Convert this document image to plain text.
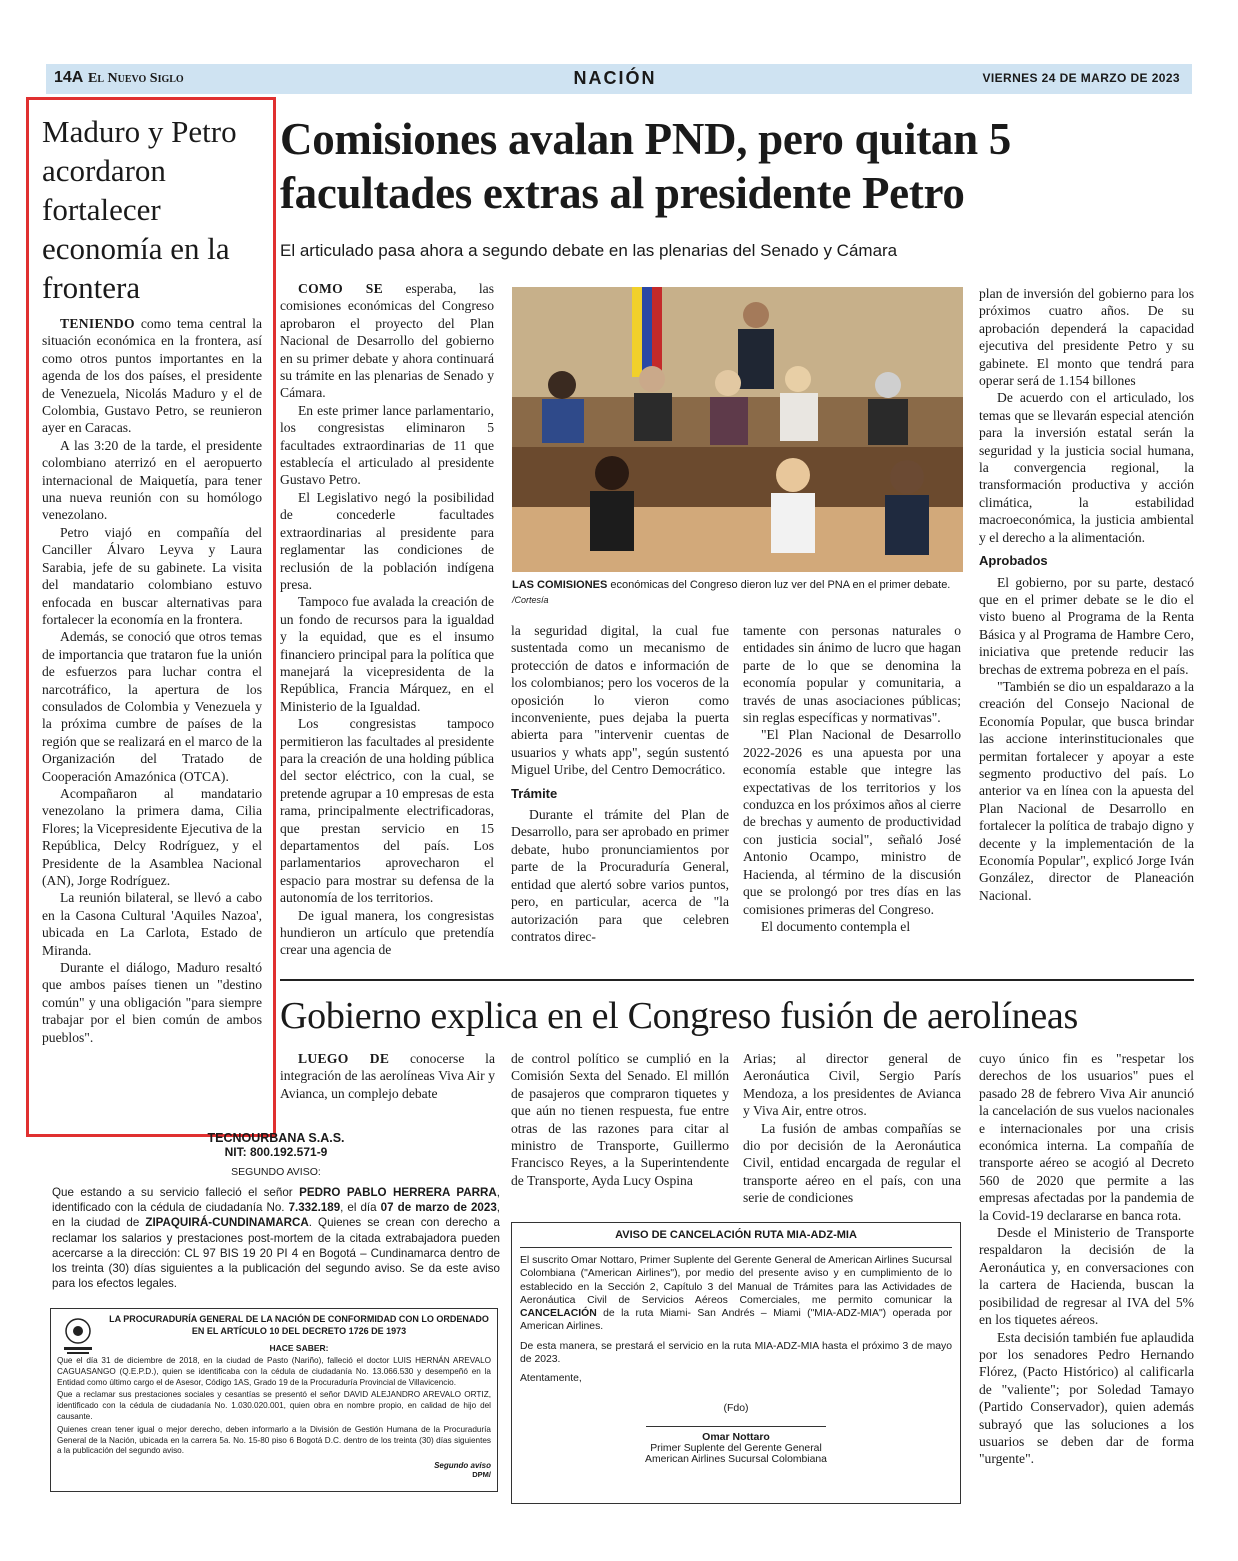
14A El Nuevo Siglo	NACIÓN	VIERNES 24 DE MARZO DE 2023
Maduro y Petro acordaron fortalecer economía en la frontera

TENIENDO como tema central la situación económica en la frontera, así como otros puntos importantes en la agenda de los dos países, el presidente de Venezuela, Nicolás Maduro y el de Colombia, Gustavo Petro, se reunieron ayer en Caracas.

A las 3:20 de la tarde, el presidente colombiano aterrizó en el aeropuerto internacional de Maiquetía, para tener una nueva reunión con su homólogo venezolano.

Petro viajó en compañía del Canciller Álvaro Leyva y Laura Sarabia, jefe de su gabinete. La visita del mandatario colombiano estuvo enfocada en buscar alternativas para fortalecer la economía en la frontera.

Además, se conoció que otros temas de importancia que trataron fue la unión de esfuerzos para luchar contra el narcotráfico, la apertura de los consulados de Colombia y Venezuela y la próxima cumbre de países de la región que se realizará en el marco de la Organización del Tratado de Cooperación Amazónica (OTCA).

Acompañaron al mandatario venezolano la primera dama, Cilia Flores; la Vicepresidente Ejecutiva de la República, Delcy Rodríguez, y el Presidente de la Asamblea Nacional (AN), Jorge Rodríguez.

La reunión bilateral, se llevó a cabo en la Casona Cultural 'Aquiles Nazoa', ubicada en La Carlota, Estado de Miranda.

Durante el diálogo, Maduro resaltó que ambos países tienen un "destino común" y una obligación "para siempre trabajar por el bien común de ambos pueblos".

Comisiones avalan PND, pero quitan 5 facultades extras al presidente Petro
El articulado pasa ahora a segundo debate en las plenarias del Senado y Cámara

COMO SE esperaba, las comisiones económicas del Congreso aprobaron el proyecto del Plan Nacional de Desarrollo del gobierno en su primer debate y ahora continuará su trámite en las plenarias de Senado y Cámara.

En este primer lance parlamentario, los congresistas eliminaron 5 facultades extraordinarias de 11 que establecía el articulado al presidente Gustavo Petro.

El Legislativo negó la posibilidad de concederle facultades extraordinarias al presidente para reglamentar las condiciones de reclusión de la población indígena presa.

Tampoco fue avalada la creación de un fondo de recursos para la igualdad y la equidad, que es el insumo financiero principal para la política que manejará la vicepresidenta de la República, Francia Márquez, en el Ministerio de la Igualdad.

Los congresistas tampoco permitieron las facultades al presidente para la creación de una holding pública del sector eléctrico, con la cual, se pretende agrupar a 10 empresas de esta rama, principalmente electrificadoras, que prestan servicio en 15 departamentos del país. Los parlamentarios aprovecharon el espacio para mostrar su defensa de la autonomía de los territorios.

De igual manera, los congresistas hundieron un artículo que pretendía crear una agencia de

LAS COMISIONES económicas del Congreso dieron luz ver del PNA en el primer debate. /Cortesía

la seguridad digital, la cual fue sustentada como un mecanismo de protección de datos e información de los colombianos; pero los voceros de la oposición lo vieron como inconveniente, pues dejaba la puerta abierta para "intervenir cuentas de usuarios y whats app", según sustentó Miguel Uribe, del Centro Democrático.

Trámite

Durante el trámite del Plan de Desarrollo, para ser aprobado en primer debate, hubo pronunciamientos por parte de la Procuraduría General, entidad que alertó sobre varios puntos, pero, en particular, acerca de "la autorización para que celebren contratos direc-

tamente con personas naturales o entidades sin ánimo de lucro que hagan parte de lo que se denomina la economía popular y comunitaria, a través de unas asociaciones públicas; sin reglas específicas y normativas".

"El Plan Nacional de Desarrollo 2022-2026 es una apuesta por una economía estable que integre las expectativas de los territorios y los conduzca en los próximos años al cierre de brechas y aumento de productividad con justicia social", señaló José Antonio Ocampo, ministro de Hacienda, al término de la discusión que se prolongó por tres días en las comisiones primeras del Congreso.

El documento contempla el

plan de inversión del gobierno para los próximos cuatro años. De su aprobación dependerá la capacidad ejecutiva del presidente Petro y su gabinete. El monto que tendrá para operar será de 1.154 billones

De acuerdo con el articulado, los temas que se llevarán especial atención para la inversión estatal serán la seguridad y la justicia social humana, la convergencia regional, la transformación productiva y acción climática, la estabilidad macroeconómica, la justicia ambiental y el derecho a la alimentación.

Aprobados

El gobierno, por su parte, destacó que en el primer debate se le dio el visto bueno al Programa de la Renta Básica y al Programa de Hambre Cero, iniciativa que pretende reducir las brechas de extrema pobreza en el país.

"También se dio un espaldarazo a la creación del Consejo Nacional de Economía Popular, que busca brindar las accione interinstitucionales que permitan fortalecer y apoyar a este segmento productivo del país. Lo anterior va en línea con la apuesta del Plan Nacional de Desarrollo en fortalecer la política de trabajo digno y decente y la implementación de la Economía Popular", explicó Jorge Iván González, director de Planeación Nacional.

Gobierno explica en el Congreso fusión de aerolíneas

LUEGO DE conocerse la integración de las aerolíneas Viva Air y Avianca, un complejo debate

de control político se cumplió en la Comisión Sexta del Senado. El millón de pasajeros que compraron tiquetes y que aún no tienen respuesta, fue entre otras de las razones para citar al ministro de Transporte, Guillermo Francisco Reyes, a la Superintendente de Transporte, Ayda Lucy Ospina

Arias; al director general de Aeronáutica Civil, Sergio París Mendoza, a los presidentes de Avianca y Viva Air, entre otros.

La fusión de ambas compañías se dio por decisión de la Aeronáutica Civil, entidad encargada de regular el transporte aéreo en el país, con una serie de condiciones

cuyo único fin es "respetar los derechos de los usuarios" pues el pasado 28 de febrero Viva Air anunció la cancelación de sus vuelos nacionales e internacionales por una crisis económica interna. La compañía de transporte aéreo se acogió al Decreto 560 de 2020 que permite a las empresas afectadas por la pandemia de la Covid-19 declararse en banca rota.

Desde el Ministerio de Transporte respaldaron la decisión de la Aeronáutica y, en conversaciones con la cartera de Hacienda, buscan la posibilidad de regresar al IVA del 5% en los tiquetes aéreos.

Esta decisión también fue aplaudida por los senadores Pedro Hernando Flórez, (Pacto Histórico) al calificarla de "valiente"; por Soledad Tamayo (Partido Conservador), quien además subrayó que las soluciones a los usuarios se deben dar de forma "urgente".

TECNOURBANA S.A.S.
NIT: 800.192.571-9
SEGUNDO AVISO:
Que estando a su servicio falleció el señor PEDRO PABLO HERRERA PARRA, identificado con la cédula de ciudadanía No. 7.332.189, el día 07 de marzo de 2023, en la ciudad de ZIPAQUIRÁ-CUNDINAMARCA. Quienes se crean con derecho a reclamar los salarios y prestaciones post-mortem de la citada extrabajadora pueden acercarse a la dirección: CL 97 BIS 19 20 PI 4 en Bogotá – Cundinamarca dentro de los treinta (30) días siguientes a la publicación del segundo aviso. Se da este aviso para los efectos legales.
LA PROCURADURÍA GENERAL DE LA NACIÓN DE CONFORMIDAD CON LO ORDENADO EN EL ARTÍCULO 10 DEL DECRETO 1726 DE 1973
HACE SABER:

Que el día 31 de diciembre de 2018, en la ciudad de Pasto (Nariño), falleció el doctor LUIS HERNÁN AREVALO CAGUASANGO (Q.E.P.D.), quien se identificaba con la cédula de ciudadanía No. 13.066.530 y desempeñó en la Entidad como último cargo el de Asesor, Código 1AS, Grado 19 de la Procuraduría Provincial de Villavicencio.

Que a reclamar sus prestaciones sociales y cesantías se presentó el señor DAVID ALEJANDRO AREVALO ORTIZ, identificado con la cédula de ciudadanía No. 1.030.020.001, quien obra en nombre propio, en calidad de hijo del causante.

Quienes crean tener igual o mejor derecho, deben informarlo a la División de Gestión Humana de la Procuraduría General de la Nación, ubicada en la carrera 5a. No. 15-80 piso 6 Bogotá D.C. dentro de los treinta (30) días siguientes a la publicación del segundo aviso.

Segundo aviso
DPM/
AVISO DE CANCELACIÓN RUTA MIA-ADZ-MIA

El suscrito Omar Nottaro, Primer Suplente del Gerente General de American Airlines Sucursal Colombiana ("American Airlines"), por medio del presente aviso y en cumplimiento de lo establecido en la Sección 2, Capítulo 3 del Manual de Trámites para las Actividades de Aeronáutica Civil de Servicios Aéreos Comerciales, me permito comunicar la CANCELACIÓN de la ruta Miami- San Andrés – Miami ("MIA-ADZ-MIA") operada por American Airlines.

De esta manera, se prestará el servicio en la ruta MIA-ADZ-MIA hasta el próximo 3 de mayo de 2023.

Atentamente,

(Fdo)
Omar Nottaro
Primer Suplente del Gerente General
American Airlines Sucursal Colombiana
